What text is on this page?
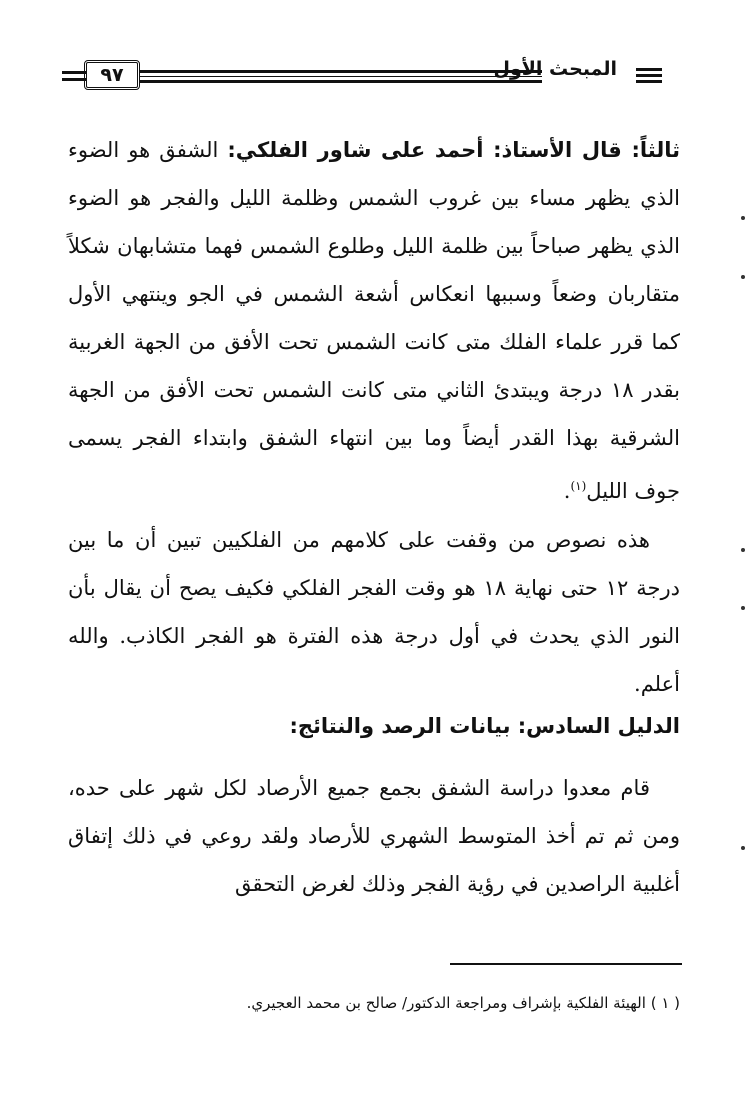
٩٧	المبحث الأول
ثالثاً: قال الأستاذ: أحمد على شاور الفلكي: الشفق هو الضوء الذي يظهر مساء بين غروب الشمس وظلمة الليل والفجر هو الضوء الذي يظهر صباحاً بين ظلمة الليل وطلوع الشمس فهما متشابهان شكلاً متقاربان وضعاً وسببها انعكاس أشعة الشمس في الجو وينتهي الأول كما قرر علماء الفلك متى كانت الشمس تحت الأفق من الجهة الغربية بقدر ١٨ درجة ويبتدئ الثاني متى كانت الشمس تحت الأفق من الجهة الشرقية بهذا القدر أيضاً وما بين انتهاء الشفق وابتداء الفجر يسمى جوف الليل$^{(١)}$.
هذه نصوص من وقفت على كلامهم من الفلكيين تبين أن ما بين درجة ١٢ حتى نهاية ١٨ هو وقت الفجر الفلكي فكيف يصح أن يقال بأن النور الذي يحدث في أول درجة هذه الفترة هو الفجر الكاذب. والله أعلم.
الدليل السادس: بيانات الرصد والنتائج:
قام معدوا دراسة الشفق بجمع جميع الأرصاد لكل شهر على حده، ومن ثم تم أخذ المتوسط الشهري للأرصاد ولقد روعي في ذلك إتفاق أغلبية الراصدين في رؤية الفجر وذلك لغرض التحقق
( ١ ) الهيئة الفلكية بإشراف ومراجعة الدكتور/ صالح بن محمد العجيري.
